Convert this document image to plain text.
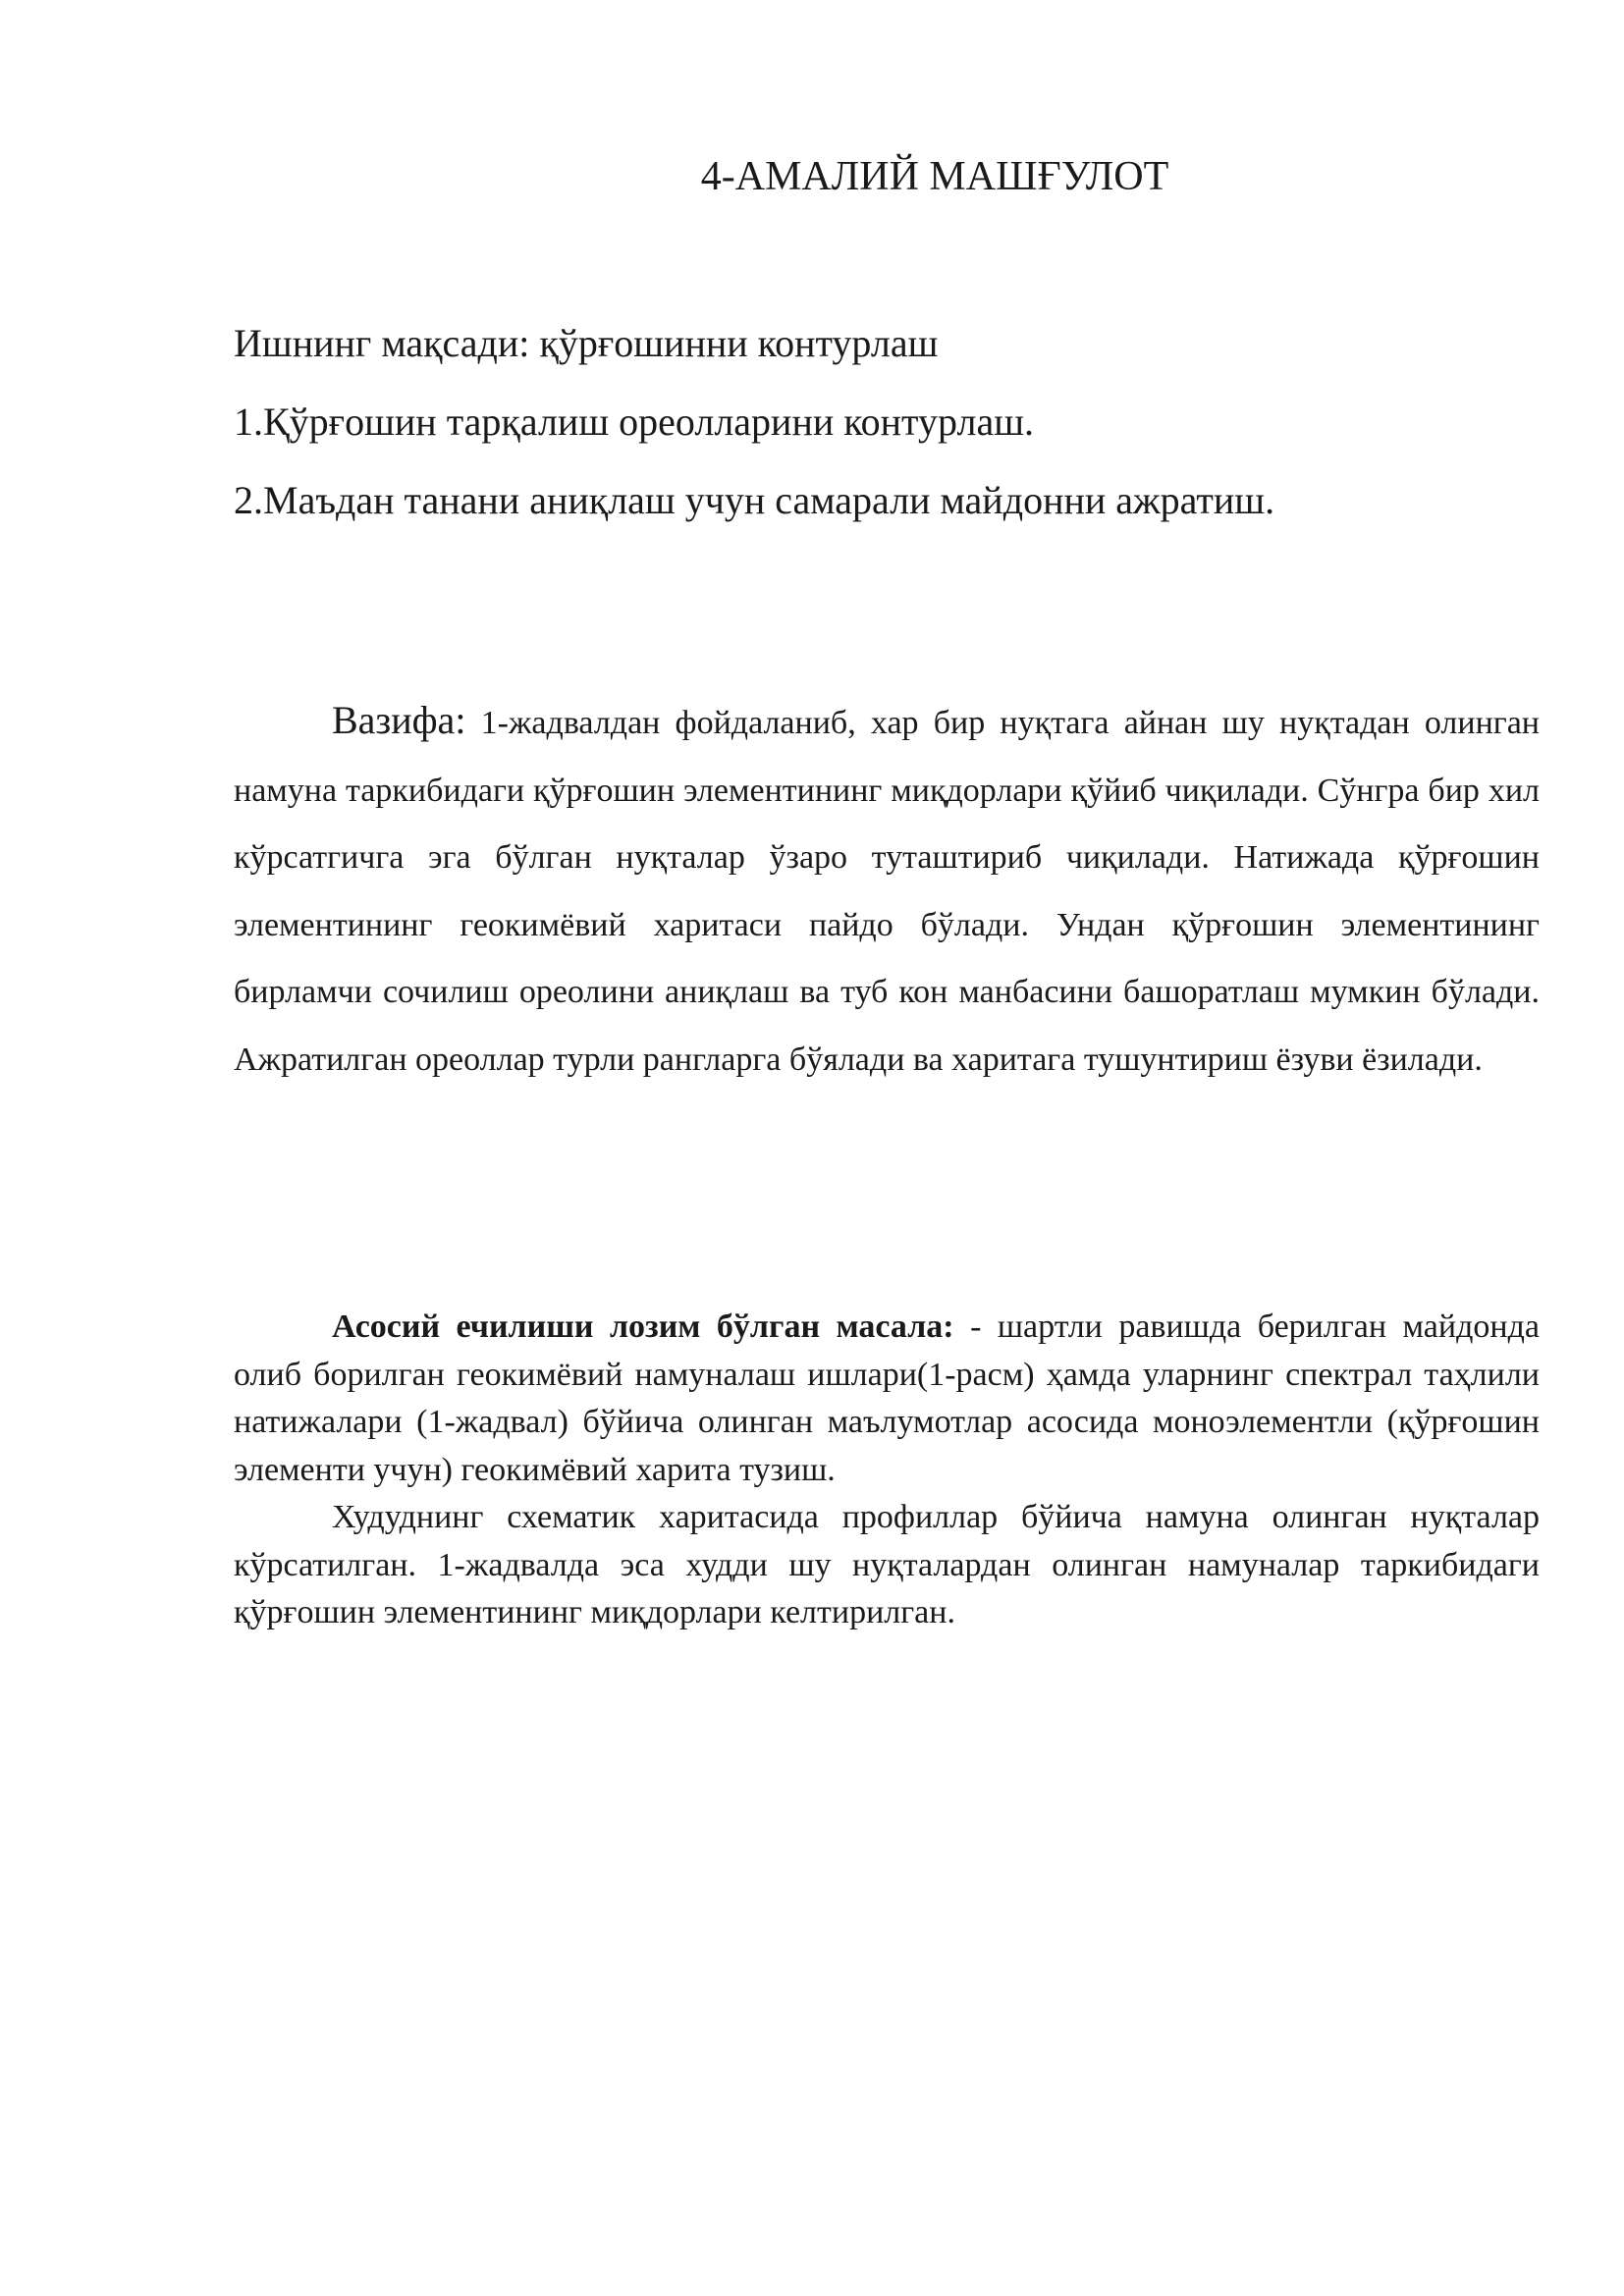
4-АМАЛИЙ МАШҒУЛОТ
Ишнинг мақсади: қўрғошинни контурлаш
1.Қўрғошин тарқалиш ореолларини контурлаш.
2.Маъдан танани аниқлаш учун самарали майдонни ажратиш.
Вазифа: 1-жадвалдан фойдаланиб, хар бир нуқтага айнан шу нуқтадан олинган намуна таркибидаги қўрғошин элементининг миқдорлари қўйиб чиқилади. Сўнгра бир хил кўрсатгичга эга бўлган нуқталар ўзаро туташтириб чиқилади. Натижада қўрғошин элементининг геокимёвий харитаси пайдо бўлади. Ундан қўрғошин элементининг бирламчи сочилиш ореолини аниқлаш ва туб кон манбасини башоратлаш мумкин бўлади. Ажратилган ореоллар турли рангларга бўялади ва харитага тушунтириш ёзуви ёзилади.

Асосий ечилиши лозим бўлган масала: - шартли равишда берилган майдонда олиб борилган геокимёвий намуналаш ишлари(1-расм) ҳамда уларнинг спектрал таҳлили натижалари (1-жадвал) бўйича олинган маълумотлар асосида моноэлементли (қўрғошин элементи учун) геокимёвий харита тузиш.

Худуднинг схематик харитасида профиллар бўйича намуна олинган нуқталар кўрсатилган. 1-жадвалда эса худди шу нуқталардан олинган намуналар таркибидаги қўрғошин элементининг миқдорлари келтирилган.
